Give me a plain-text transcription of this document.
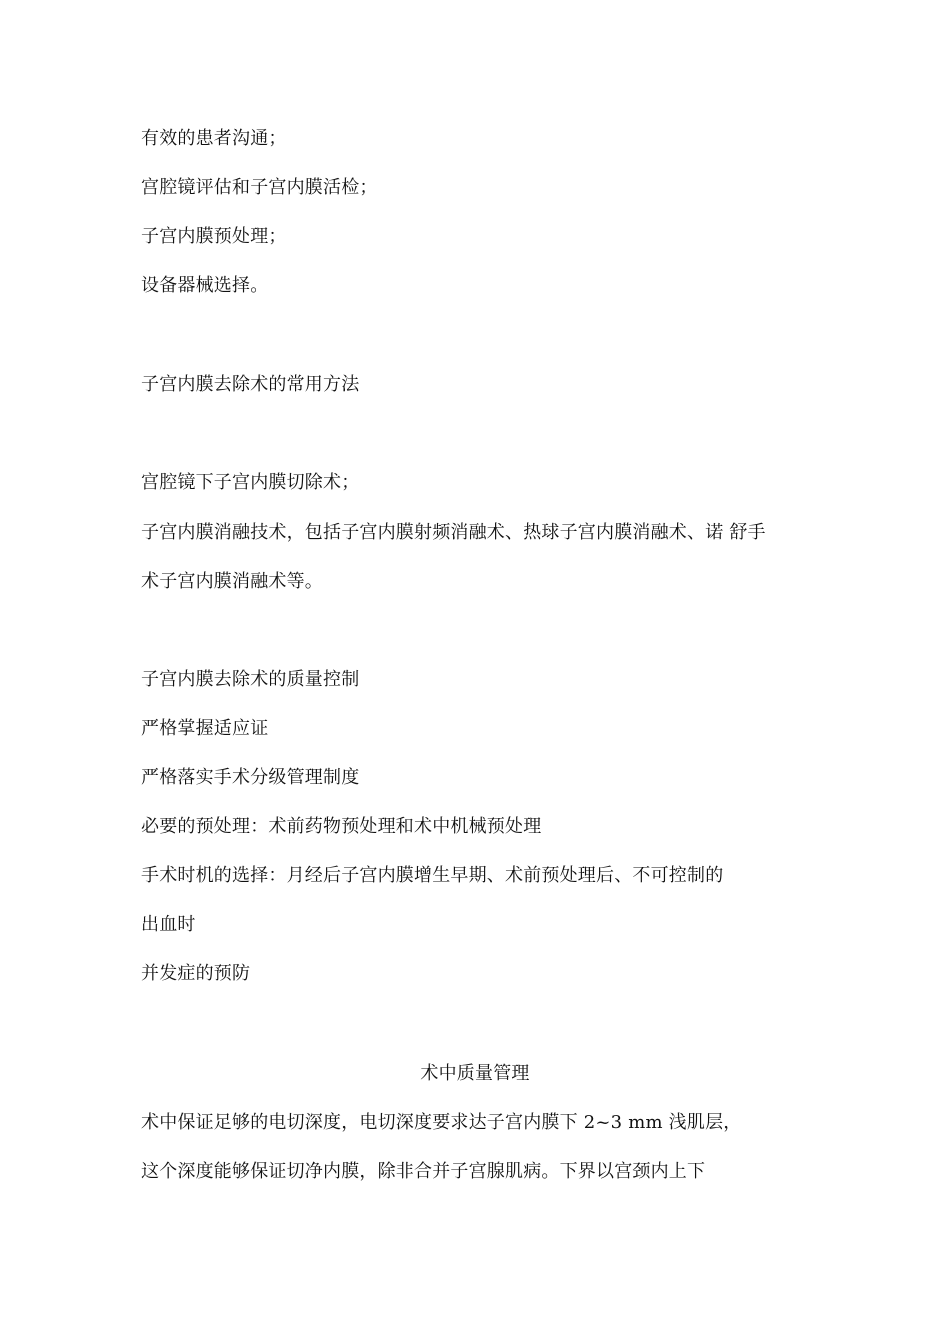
有效的患者沟通；
宫腔镜评估和子宫内膜活检；
子宫内膜预处理；
设备器械选择。
子宫内膜去除术的常用方法
宫腔镜下子宫内膜切除术；
子宫内膜消融技术，包括子宫内膜射频消融术、热球子宫内膜消融术、诺 舒手
术子宫内膜消融术等。
子宫内膜去除术的质量控制
严格掌握适应证
严格落实手术分级管理制度
必要的预处理：术前药物预处理和术中机械预处理
手术时机的选择：月经后子宫内膜增生早期、术前预处理后、不可控制的
出血时
并发症的预防
术中质量管理
术中保证足够的电切深度，电切深度要求达子宫内膜下 2~3 mm 浅肌层，
这个深度能够保证切净内膜，除非合并子宫腺肌病。下界以宫颈内上下
